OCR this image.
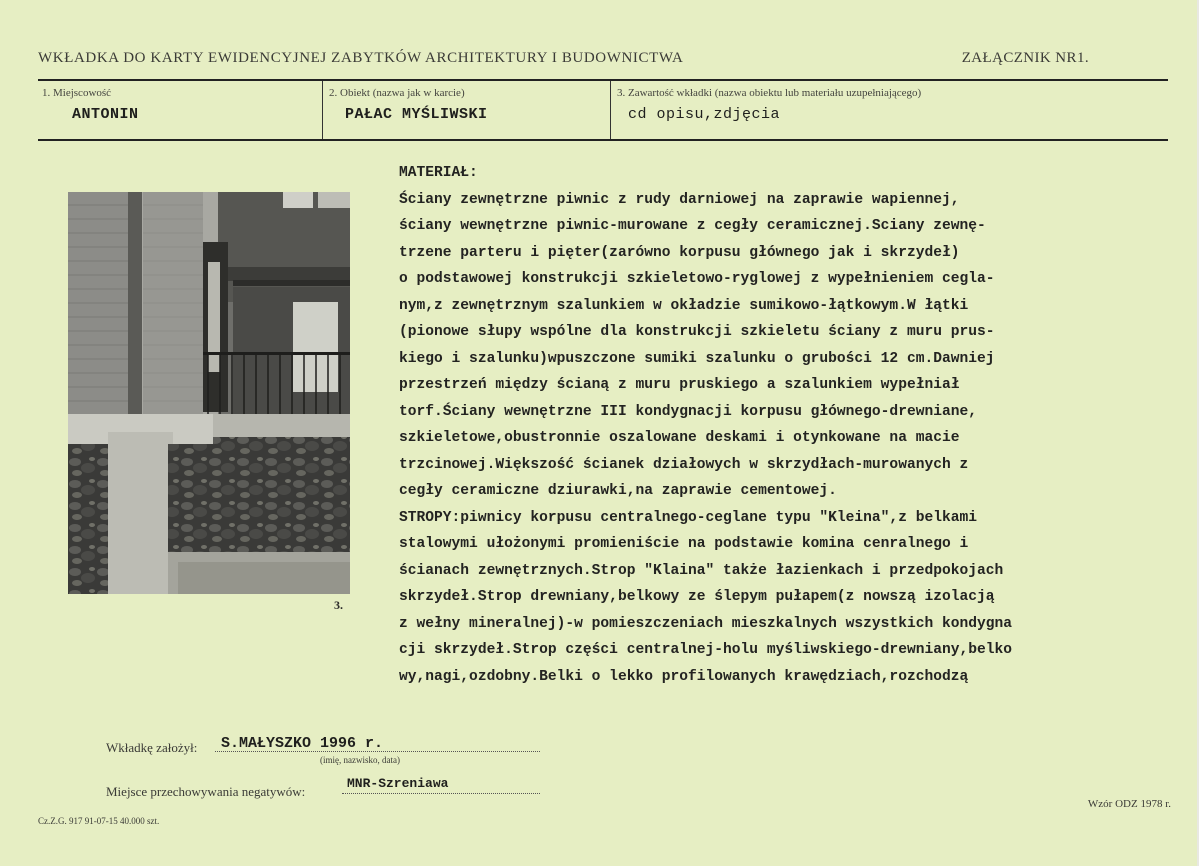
WKŁADKA DO KARTY EWIDENCYJNEJ ZABYTKÓW ARCHITEKTURY I BUDOWNICTWA	ZAŁĄCZNIK NR1.
1. Miejscowość
ANTONIN
2. Obiekt (nazwa jak w karcie)
PAŁAC MYŚLIWSKI
3. Zawartość wkładki (nazwa obiektu lub materiału uzupełniającego)
cd opisu,zdjęcia
3.
MATERIAŁ:
Ściany zewnętrzne piwnic z rudy darniowej na zaprawie wapiennej,
ściany wewnętrzne piwnic-murowane z cegły ceramicznej.Sciany zewnę-
trzene parteru i pięter(zarówno korpusu głównego jak i skrzydeł)
o podstawowej konstrukcji szkieletowo-ryglowej z wypełnieniem cegla-
nym,z zewnętrznym szalunkiem w okładzie sumikowo-łątkowym.W łątki
(pionowe słupy wspólne dla konstrukcji szkieletu ściany z muru prus-
kiego i szalunku)wpuszczone sumiki szalunku o grubości 12 cm.Dawniej
przestrzeń między ścianą z muru pruskiego a szalunkiem wypełniał
torf.Ściany wewnętrzne III kondygnacji korpusu głównego-drewniane,
szkieletowe,obustronnie oszalowane deskami i otynkowane na macie
trzcinowej.Większość ścianek działowych w skrzydłach-murowanych z
cegły ceramiczne dziurawki,na zaprawie cementowej.
STROPY:piwnicy korpusu centralnego-ceglane typu "Kleina",z belkami
stalowymi ułożonymi promieniście na podstawie komina cenralnego i
ścianach zewnętrznych.Strop "Klaina" także łazienkach i przedpokojach
skrzydeł.Strop drewniany,belkowy ze ślepym pułapem(z nowszą izolacją
z wełny mineralnej)-w pomieszczeniach mieszkalnych wszystkich kondygna
cji skrzydeł.Strop części centralnej-holu myśliwskiego-drewniany,belko
wy,nagi,ozdobny.Belki o lekko profilowanych krawędziach,rozchodzą
Wkładkę założył: S.MAŁYSZKO 1996 r.
(imię, nazwisko, data)
Miejsce przechowywania negatywów:
MNR-Szreniawa
Cz.Z.G. 917 91-07-15 40.000 szt.
Wzór ODZ 1978 r.
